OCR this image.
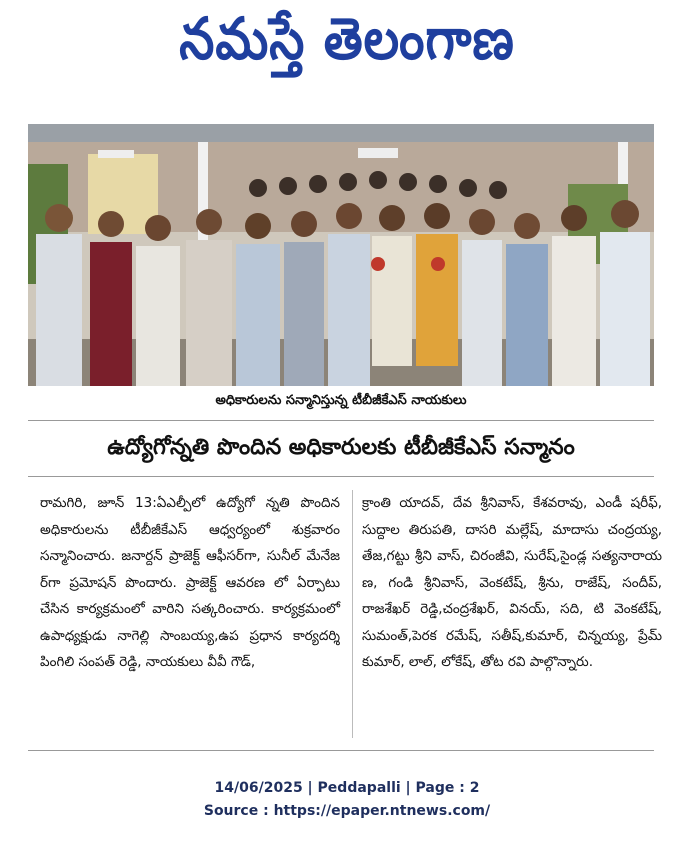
నమస్తే తెలంగాణ
అధికారులను సన్మానిస్తున్న టీబీజీకేఎస్ నాయకులు
ఉద్యోగోన్నతి పొందిన అధికారులకు టీబీజీకేఎస్ సన్మానం

రామగిరి, జూన్ 13:ఏఎల్పీలో ఉద్యోగో న్నతి పొందిన అధికారులను టీబీజీకేఎస్ ఆధ్వర్యంలో శుక్రవారం సన్మానించారు. జనార్దన్ ప్రాజెక్ట్ ఆఫీసర్‌గా, సునీల్ మేనేజ ర్‌గా ప్రమోషన్ పొందారు. ప్రాజెక్ట్ ఆవరణ లో ఏర్పాటు చేసిన కార్యక్రమంలో వారిని సత్కరించారు. కార్యక్రమంలో ఉపాధ్యక్షుడు నాగెల్లి సాంబయ్య,ఉప ప్రధాన కార్యదర్శి పింగిలి సంపత్ రెడ్డి, నాయకులు వీవీ గౌడ్,

క్రాంతి యాదవ్, దేవ శ్రీనివాస్, కేశవరావు, ఎండీ షరీఫ్, సుద్దాల తిరుపతి, దాసరి మల్లేష్, మాదాసు చంద్రయ్య, తేజ,గట్టు శ్రీని వాస్, చిరంజీవి, సురేష్,సైండ్ల సత్యనారాయ ణ, గండి శ్రీనివాస్, వెంకటేష్, శ్రీను, రాజేష్, సందీప్, రాజశేఖర్ రెడ్డి,చంద్రశేఖర్, వినయ్, సది, టి వెంకటేష్, సుమంత్,పెరక రమేష్, సతీష్,కుమార్, చిన్నయ్య, ప్రేమ్ కుమార్, లాల్, లోకేష్, తోట రవి పాల్గొన్నారు.

14/06/2025 | Peddapalli | Page : 2
Source : https://epaper.ntnews.com/
